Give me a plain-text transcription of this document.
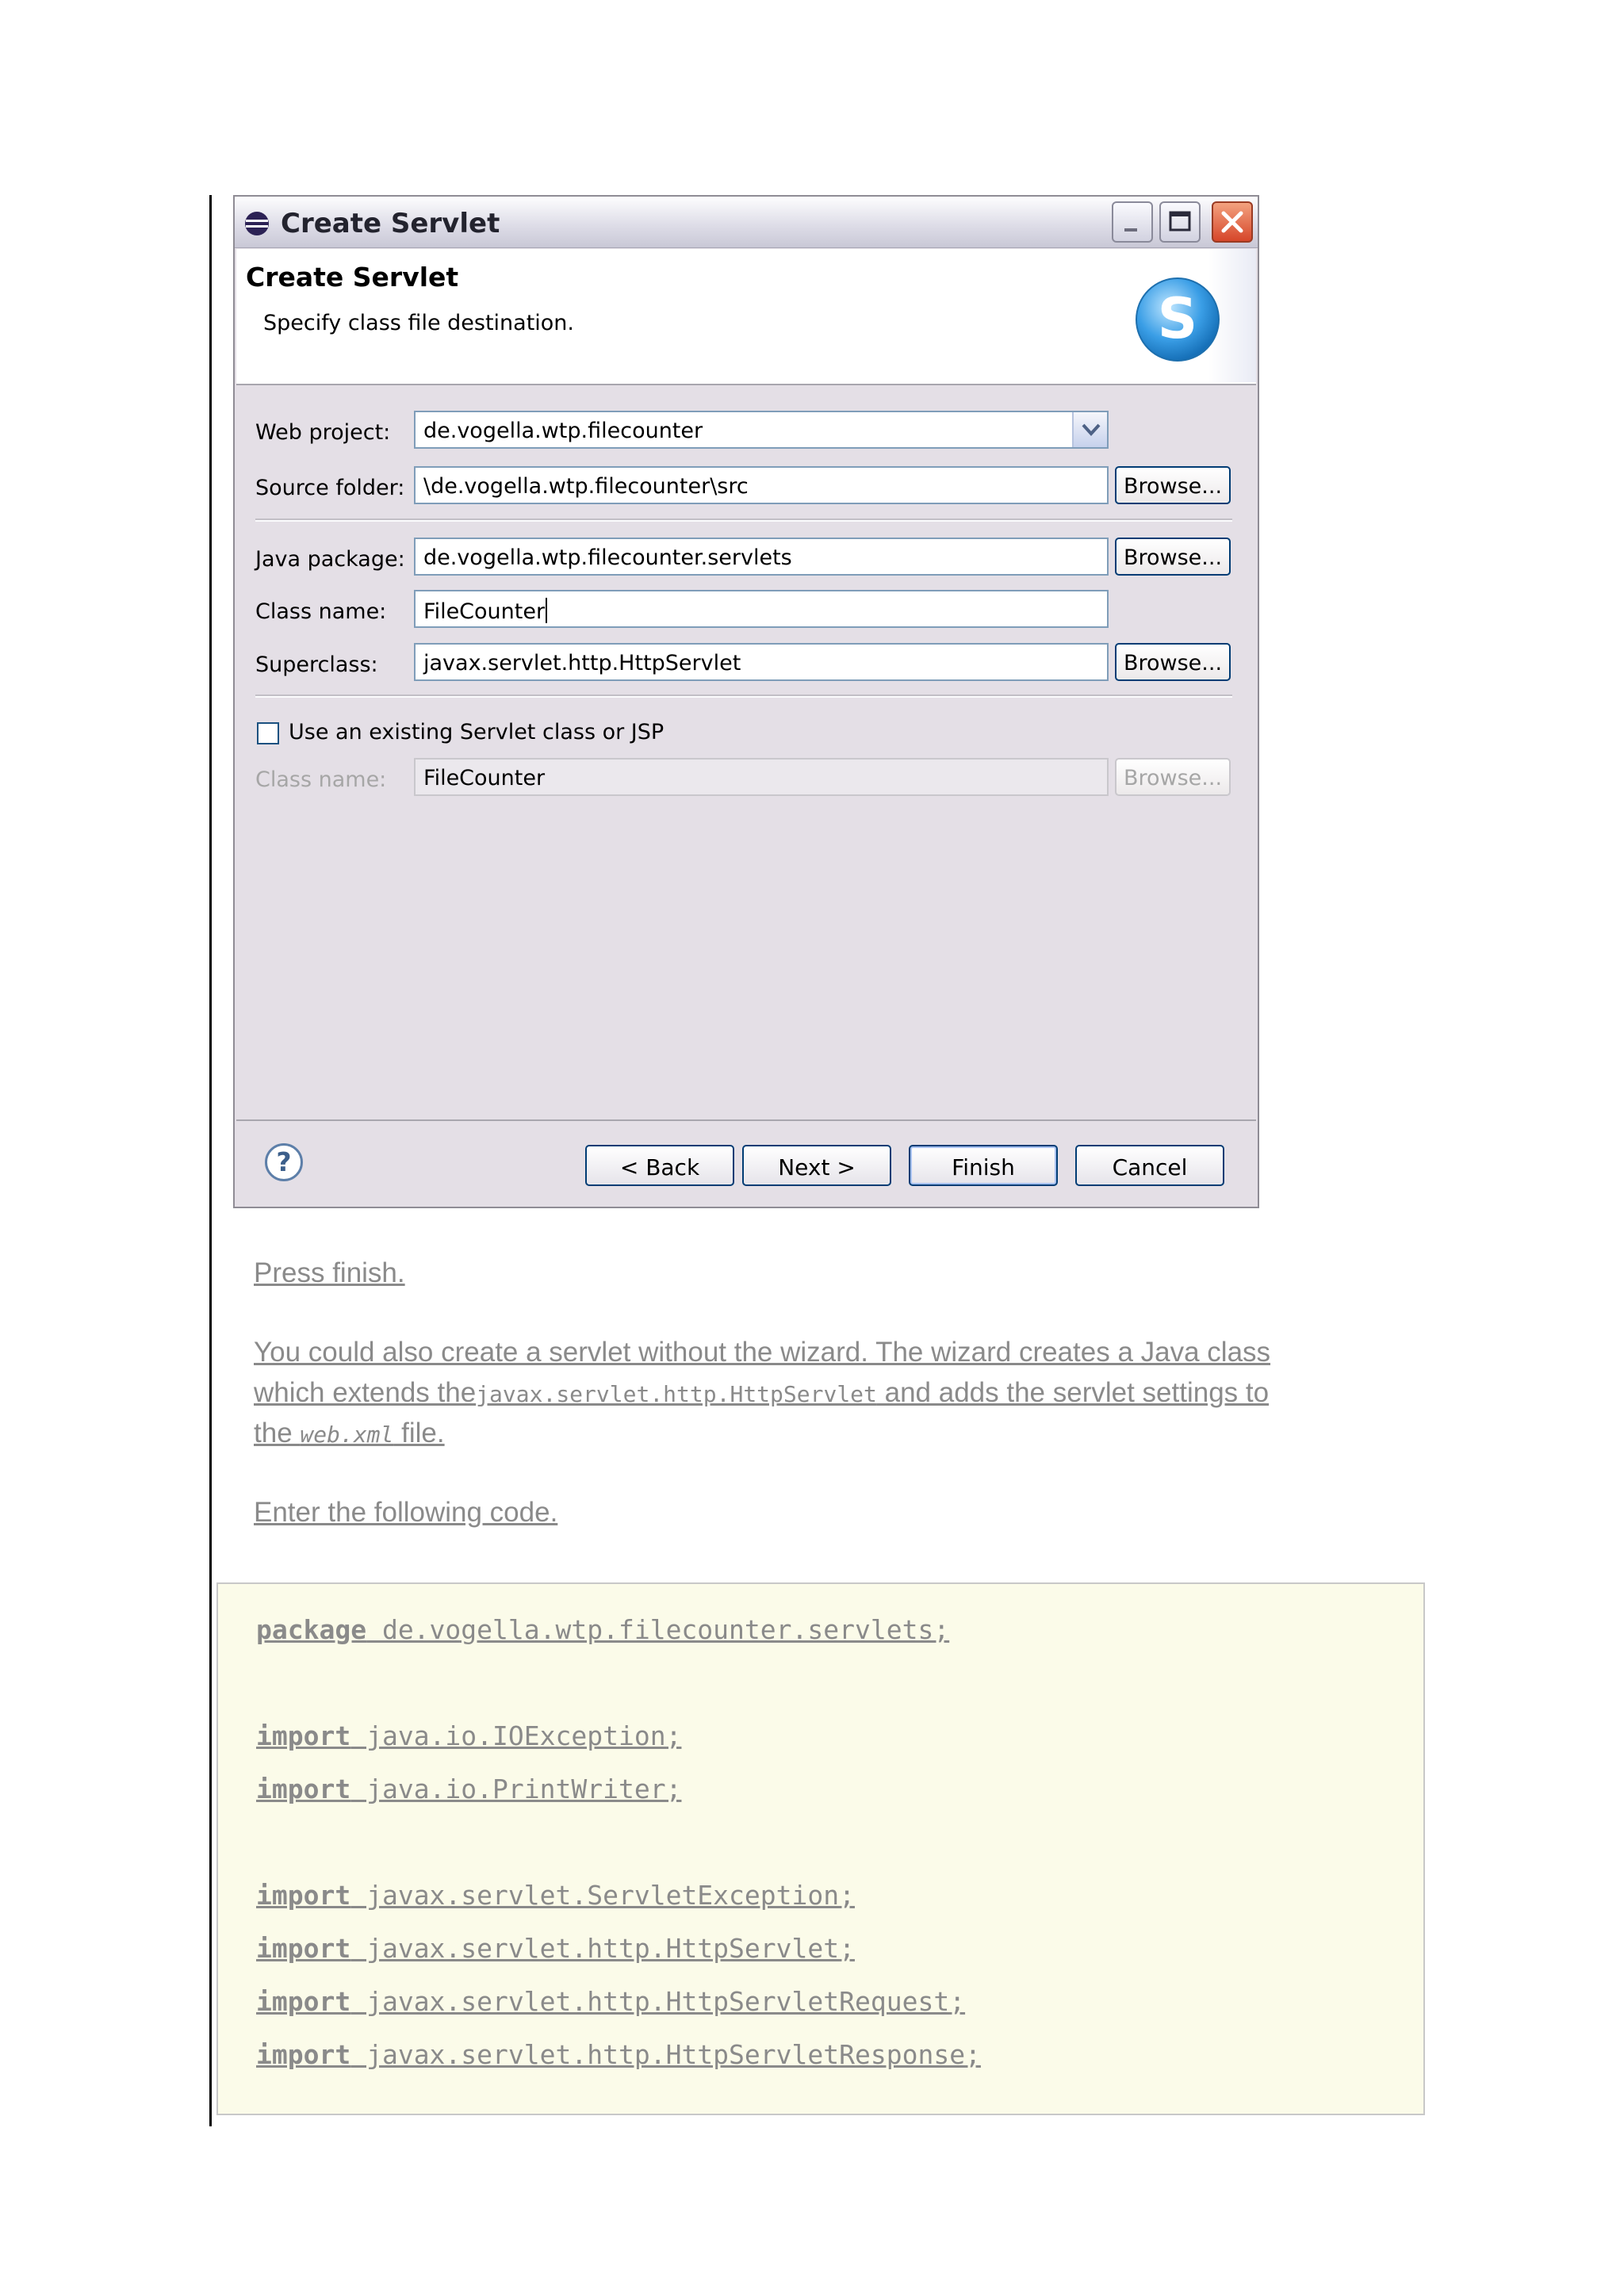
Create Servlet
Create Servlet
Specify class file destination.	S
Web project:	de.vogella.wtp.filecounter
Source folder: \de.vogella.wtp.filecounter\src	Browse...
Java package: de.vogella.wtp.filecounter.servlets	Browse...
Class name:	FileCounter
Superclass:	javax.servlet.http.HttpServlet	Browse...
Use an existing Servlet class or JSP
Class name:	FileCounter	Browse...
?	< Back	Next >	Finish	Cancel
Press finish.
You could also create a servlet without the wizard. The wizard creates a Java class
which extends thejavax.servlet.http.HttpServlet and adds the servlet settings to
the web.xml file.
Enter the following code.
package de.vogella.wtp.filecounter.servlets;
import java.io.IOException;
import java.io.PrintWriter;
import javax.servlet.ServletException;
import javax.servlet.http.HttpServlet;
import javax.servlet.http.HttpServletRequest;
import javax.servlet.http.HttpServletResponse;
